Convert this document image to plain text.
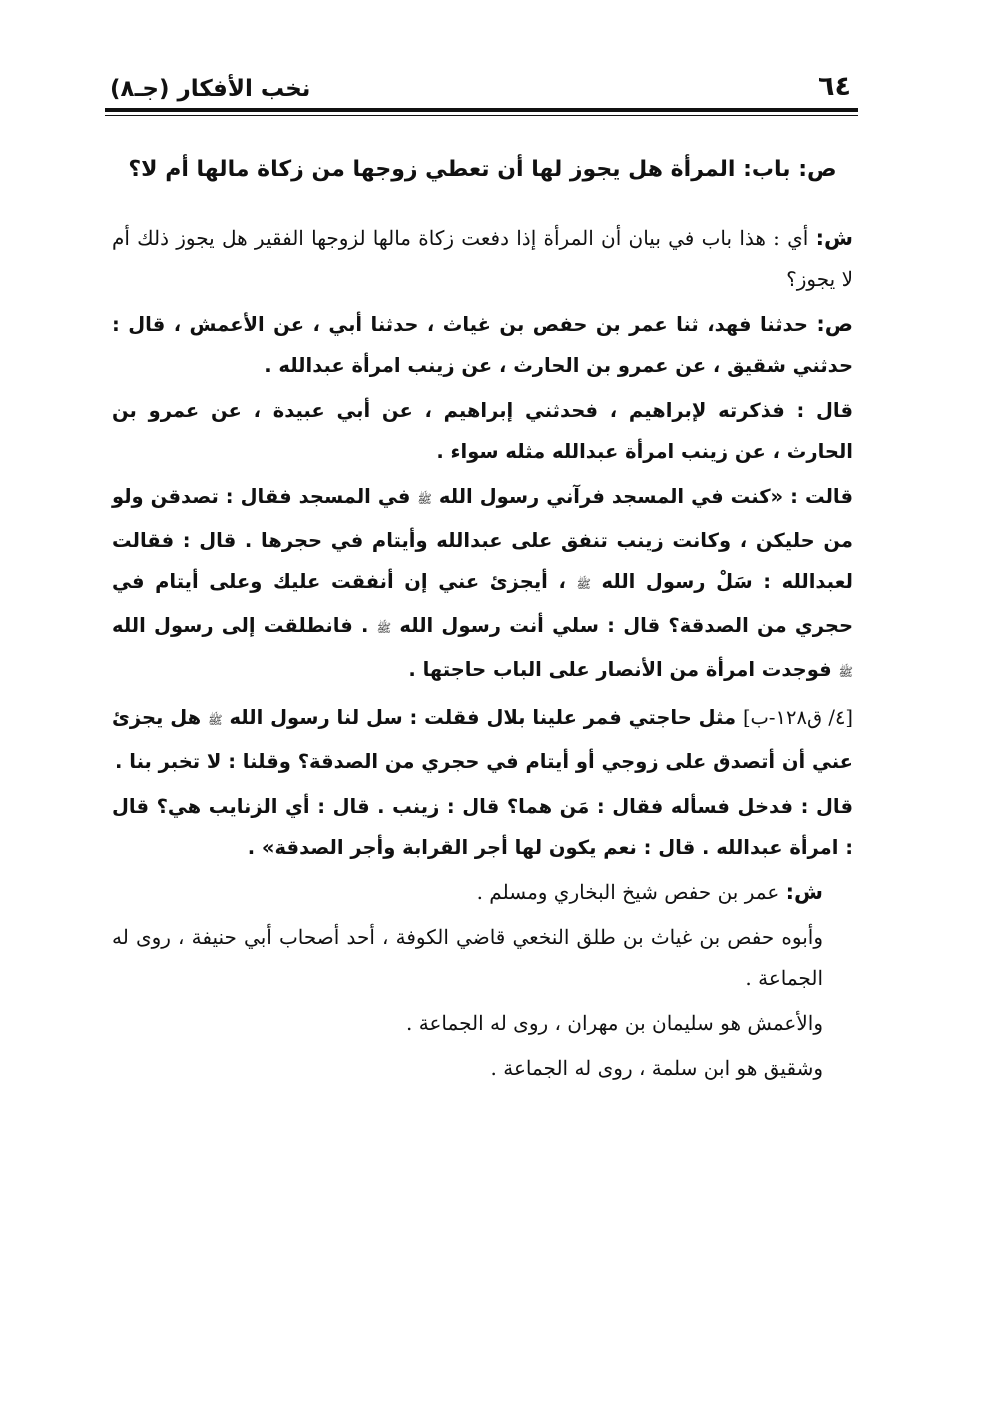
٦٤
نخب الأفكار (جـ٨)
ص: باب: المرأة هل يجوز لها أن تعطي زوجها من زكاة مالها أم لا؟

ش: أي : هذا باب في بيان أن المرأة إذا دفعت زكاة مالها لزوجها الفقير هل يجوز ذلك أم لا يجوز؟

ص: حدثنا فهد، ثنا عمر بن حفص بن غياث ، حدثنا أبي ، عن الأعمش ، قال : حدثني شقيق ، عن عمرو بن الحارث ، عن زينب امرأة عبدالله .

قال : فذكرته لإبراهيم ، فحدثني إبراهيم ، عن أبي عبيدة ، عن عمرو بن الحارث ، عن زينب امرأة عبدالله مثله سواء .

قالت : «كنت في المسجد فرآني رسول الله ﷺ في المسجد فقال : تصدقن ولو من حليكن ، وكانت زينب تنفق على عبدالله وأيتام في حجرها . قال : فقالت لعبدالله : سَلْ رسول الله ﷺ ، أيجزئ عني إن أنفقت عليك وعلى أيتام في حجري من الصدقة؟ قال : سلي أنت رسول الله ﷺ . فانطلقت إلى رسول الله ﷺ فوجدت امرأة من الأنصار على الباب حاجتها .

[٤/ ق١٢٨-ب] مثل حاجتي فمر علينا بلال فقلت : سل لنا رسول الله ﷺ هل يجزئ عني أن أتصدق على زوجي أو أيتام في حجري من الصدقة؟ وقلنا : لا تخبر بنا .

قال : فدخل فسأله فقال : مَن هما؟ قال : زينب . قال : أي الزنايب هي؟ قال : امرأة عبدالله . قال : نعم يكون لها أجر القرابة وأجر الصدقة» .

ش: عمر بن حفص شيخ البخاري ومسلم .

وأبوه حفص بن غياث بن طلق النخعي قاضي الكوفة ، أحد أصحاب أبي حنيفة ، روى له الجماعة .

والأعمش هو سليمان بن مهران ، روى له الجماعة .

وشقيق هو ابن سلمة ، روى له الجماعة .
